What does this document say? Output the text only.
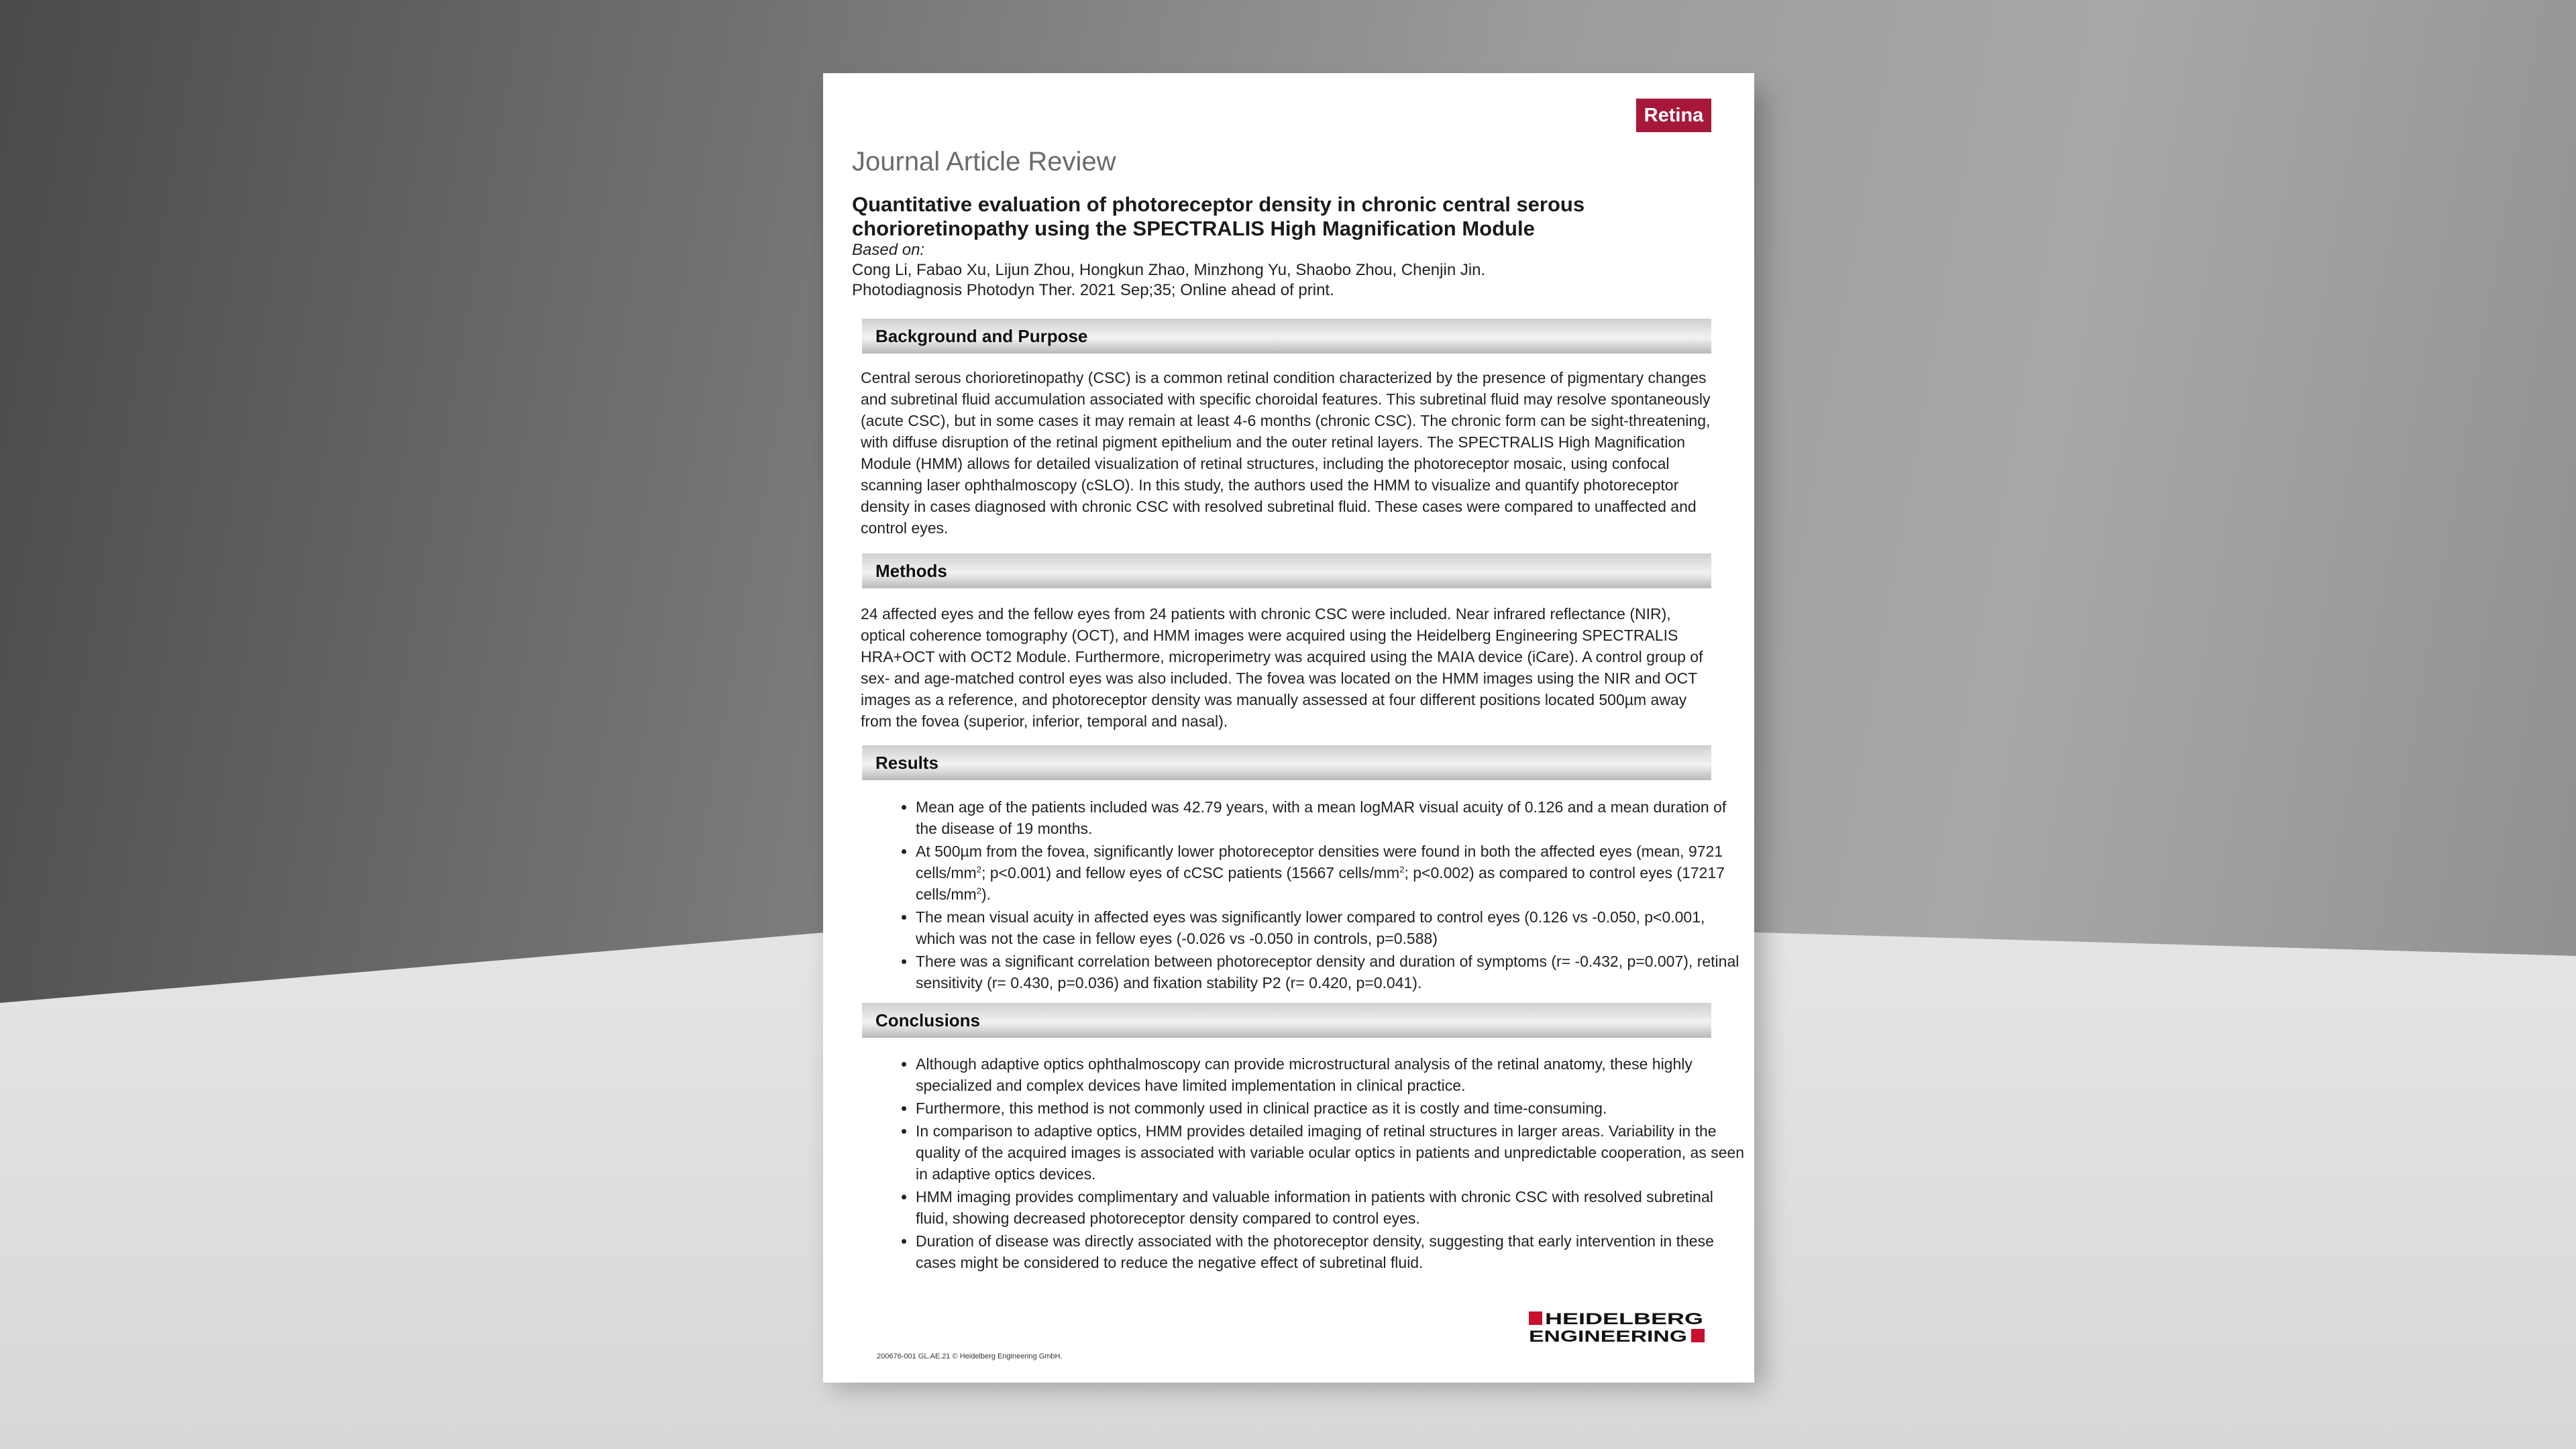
Retina
Journal Article Review
Quantitative evaluation of photoreceptor density in chronic central serous chorioretinopathy using the SPECTRALIS High Magnification Module
Based on:
Cong Li, Fabao Xu, Lijun Zhou, Hongkun Zhao, Minzhong Yu, Shaobo Zhou, Chenjin Jin.
Photodiagnosis Photodyn Ther. 2021 Sep;35; Online ahead of print.
Background and Purpose
Central serous chorioretinopathy (CSC) is a common retinal condition characterized by the presence of pigmentary changes and subretinal fluid accumulation associated with specific choroidal features. This subretinal fluid may resolve spontaneously (acute CSC), but in some cases it may remain at least 4-6 months (chronic CSC). The chronic form can be sight-threatening, with diffuse disruption of the retinal pigment epithelium and the outer retinal layers. The SPECTRALIS High Magnification Module (HMM) allows for detailed visualization of retinal structures, including the photoreceptor mosaic, using confocal scanning laser ophthalmoscopy (cSLO). In this study, the authors used the HMM to visualize and quantify photoreceptor density in cases diagnosed with chronic CSC with resolved subretinal fluid. These cases were compared to unaffected and control eyes.
Methods
24 affected eyes and the fellow eyes from 24 patients with chronic CSC were included. Near infrared reflectance (NIR), optical coherence tomography (OCT), and HMM images were acquired using the Heidelberg Engineering SPECTRALIS HRA+OCT with OCT2 Module. Furthermore, microperimetry was acquired using the MAIA device (iCare). A control group of sex- and age-matched control eyes was also included. The fovea was located on the HMM images using the NIR and OCT images as a reference, and photoreceptor density was manually assessed at four different positions located 500µm away from the fovea (superior, inferior, temporal and nasal).
Results
• Mean age of the patients included was 42.79 years, with a mean logMAR visual acuity of 0.126 and a mean duration of the disease of 19 months.
• At 500µm from the fovea, significantly lower photoreceptor densities were found in both the affected eyes (mean, 9721 cells/$mm^2$; p<0.001) and fellow eyes of cCSC patients (15667 cells/$mm^2$; p<0.002) as compared to control eyes (17217 cells/$mm^2$).
• The mean visual acuity in affected eyes was significantly lower compared to control eyes (0.126 vs -0.050, p<0.001, which was not the case in fellow eyes (-0.026 vs -0.050 in controls, p=0.588)
• There was a significant correlation between photoreceptor density and duration of symptoms (r= -0.432, p=0.007), retinal sensitivity (r= 0.430, p=0.036) and fixation stability P2 (r= 0.420, p=0.041).
Conclusions
• Although adaptive optics ophthalmoscopy can provide microstructural analysis of the retinal anatomy, these highly specialized and complex devices have limited implementation in clinical practice.
• Furthermore, this method is not commonly used in clinical practice as it is costly and time-consuming.
• In comparison to adaptive optics, HMM provides detailed imaging of retinal structures in larger areas. Variability in the quality of the acquired images is associated with variable ocular optics in patients and unpredictable cooperation, as seen in adaptive optics devices.
• HMM imaging provides complimentary and valuable information in patients with chronic CSC with resolved subretinal fluid, showing decreased photoreceptor density compared to control eyes.
• Duration of disease was directly associated with the photoreceptor density, suggesting that early intervention in these cases might be considered to reduce the negative effect of subretinal fluid.
HEIDELBERG
ENGINEERING
200676-001 GL.AE.21 © Heidelberg Engineering GmbH.
